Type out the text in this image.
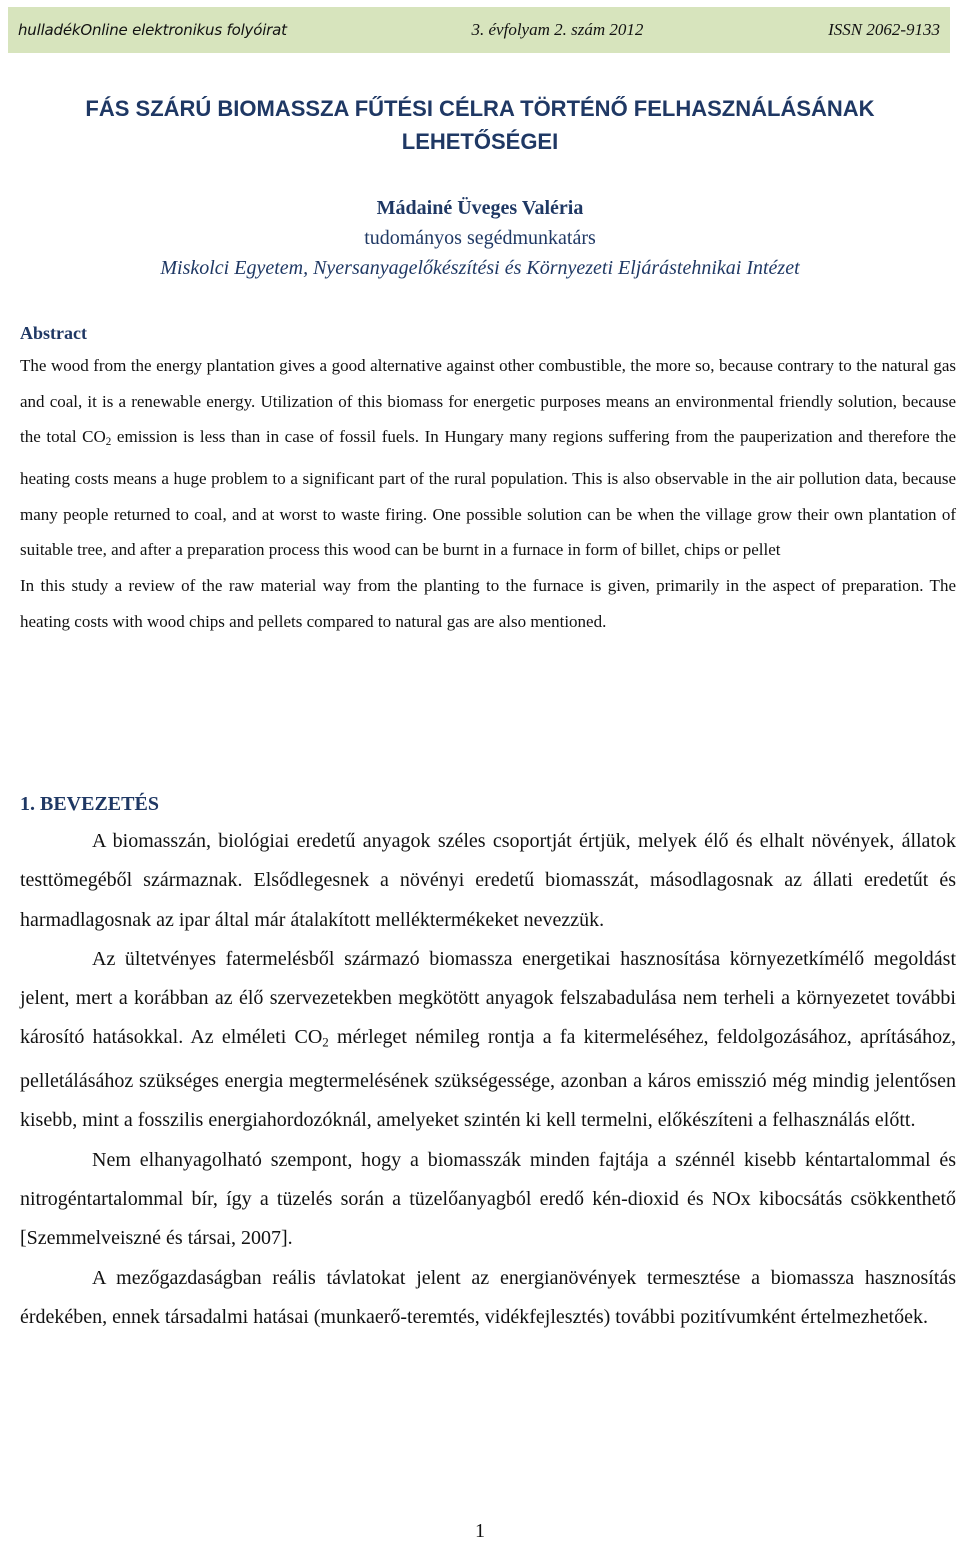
hulladékOnline elektronikus folyóirat	3. évfolyam 2. szám 2012	ISSN 2062-9133
FÁS SZÁRÚ BIOMASSZA FŰTÉSI CÉLRA TÖRTÉNŐ FELHASZNÁLÁSÁNAK LEHETŐSÉGEI
Mádainé Üveges Valéria
tudományos segédmunkatárs
Miskolci Egyetem, Nyersanyagelőkészítési és Környezeti Eljárástehnikai Intézet
Abstract

The wood from the energy plantation gives a good alternative against other combustible, the more so, because contrary to the natural gas and coal, it is a renewable energy. Utilization of this biomass for energetic purposes means an environmental friendly solution, because the total $CO_2$ emission is less than in case of fossil fuels. In Hungary many regions suffering from the pauperization and therefore the heating costs means a huge problem to a significant part of the rural population. This is also observable in the air pollution data, because many people returned to coal, and at worst to waste firing. One possible solution can be when the village grow their own plantation of suitable tree, and after a preparation process this wood can be burnt in a furnace in form of billet, chips or pellet

In this study a review of the raw material way from the planting to the furnace is given, primarily in the aspect of preparation. The heating costs with wood chips and pellets compared to natural gas are also mentioned.

1. BEVEZETÉS

A biomasszán, biológiai eredetű anyagok széles csoportját értjük, melyek élő és elhalt növények, állatok testtömegéből származnak. Elsődlegesnek a növényi eredetű biomasszát, másodlagosnak az állati eredetűt és harmadlagosnak az ipar által már átalakított melléktermékeket nevezzük.

Az ültetvényes fatermelésből származó biomassza energetikai hasznosítása környezetkímélő megoldást jelent, mert a korábban az élő szervezetekben megkötött anyagok felszabadulása nem terheli a környezetet további károsító hatásokkal. Az elméleti $CO_2$ mérleget némileg rontja a fa kitermeléséhez, feldolgozásához, aprításához, pelletálásához szükséges energia megtermelésének szükségessége, azonban a káros emisszió még mindig jelentősen kisebb, mint a fosszilis energiahordozóknál, amelyeket szintén ki kell termelni, előkészíteni a felhasználás előtt.

Nem elhanyagolható szempont, hogy a biomasszák minden fajtája a szénnél kisebb kéntartalommal és nitrogéntartalommal bír, így a tüzelés során a tüzelőanyagból eredő kén-dioxid és NOx kibocsátás csökkenthető [Szemmelveiszné és társai, 2007].

A mezőgazdaságban reális távlatokat jelent az energianövények termesztése a biomassza hasznosítás érdekében, ennek társadalmi hatásai (munkaerő-teremtés, vidékfejlesztés) további pozitívumként értelmezhetőek.

1
